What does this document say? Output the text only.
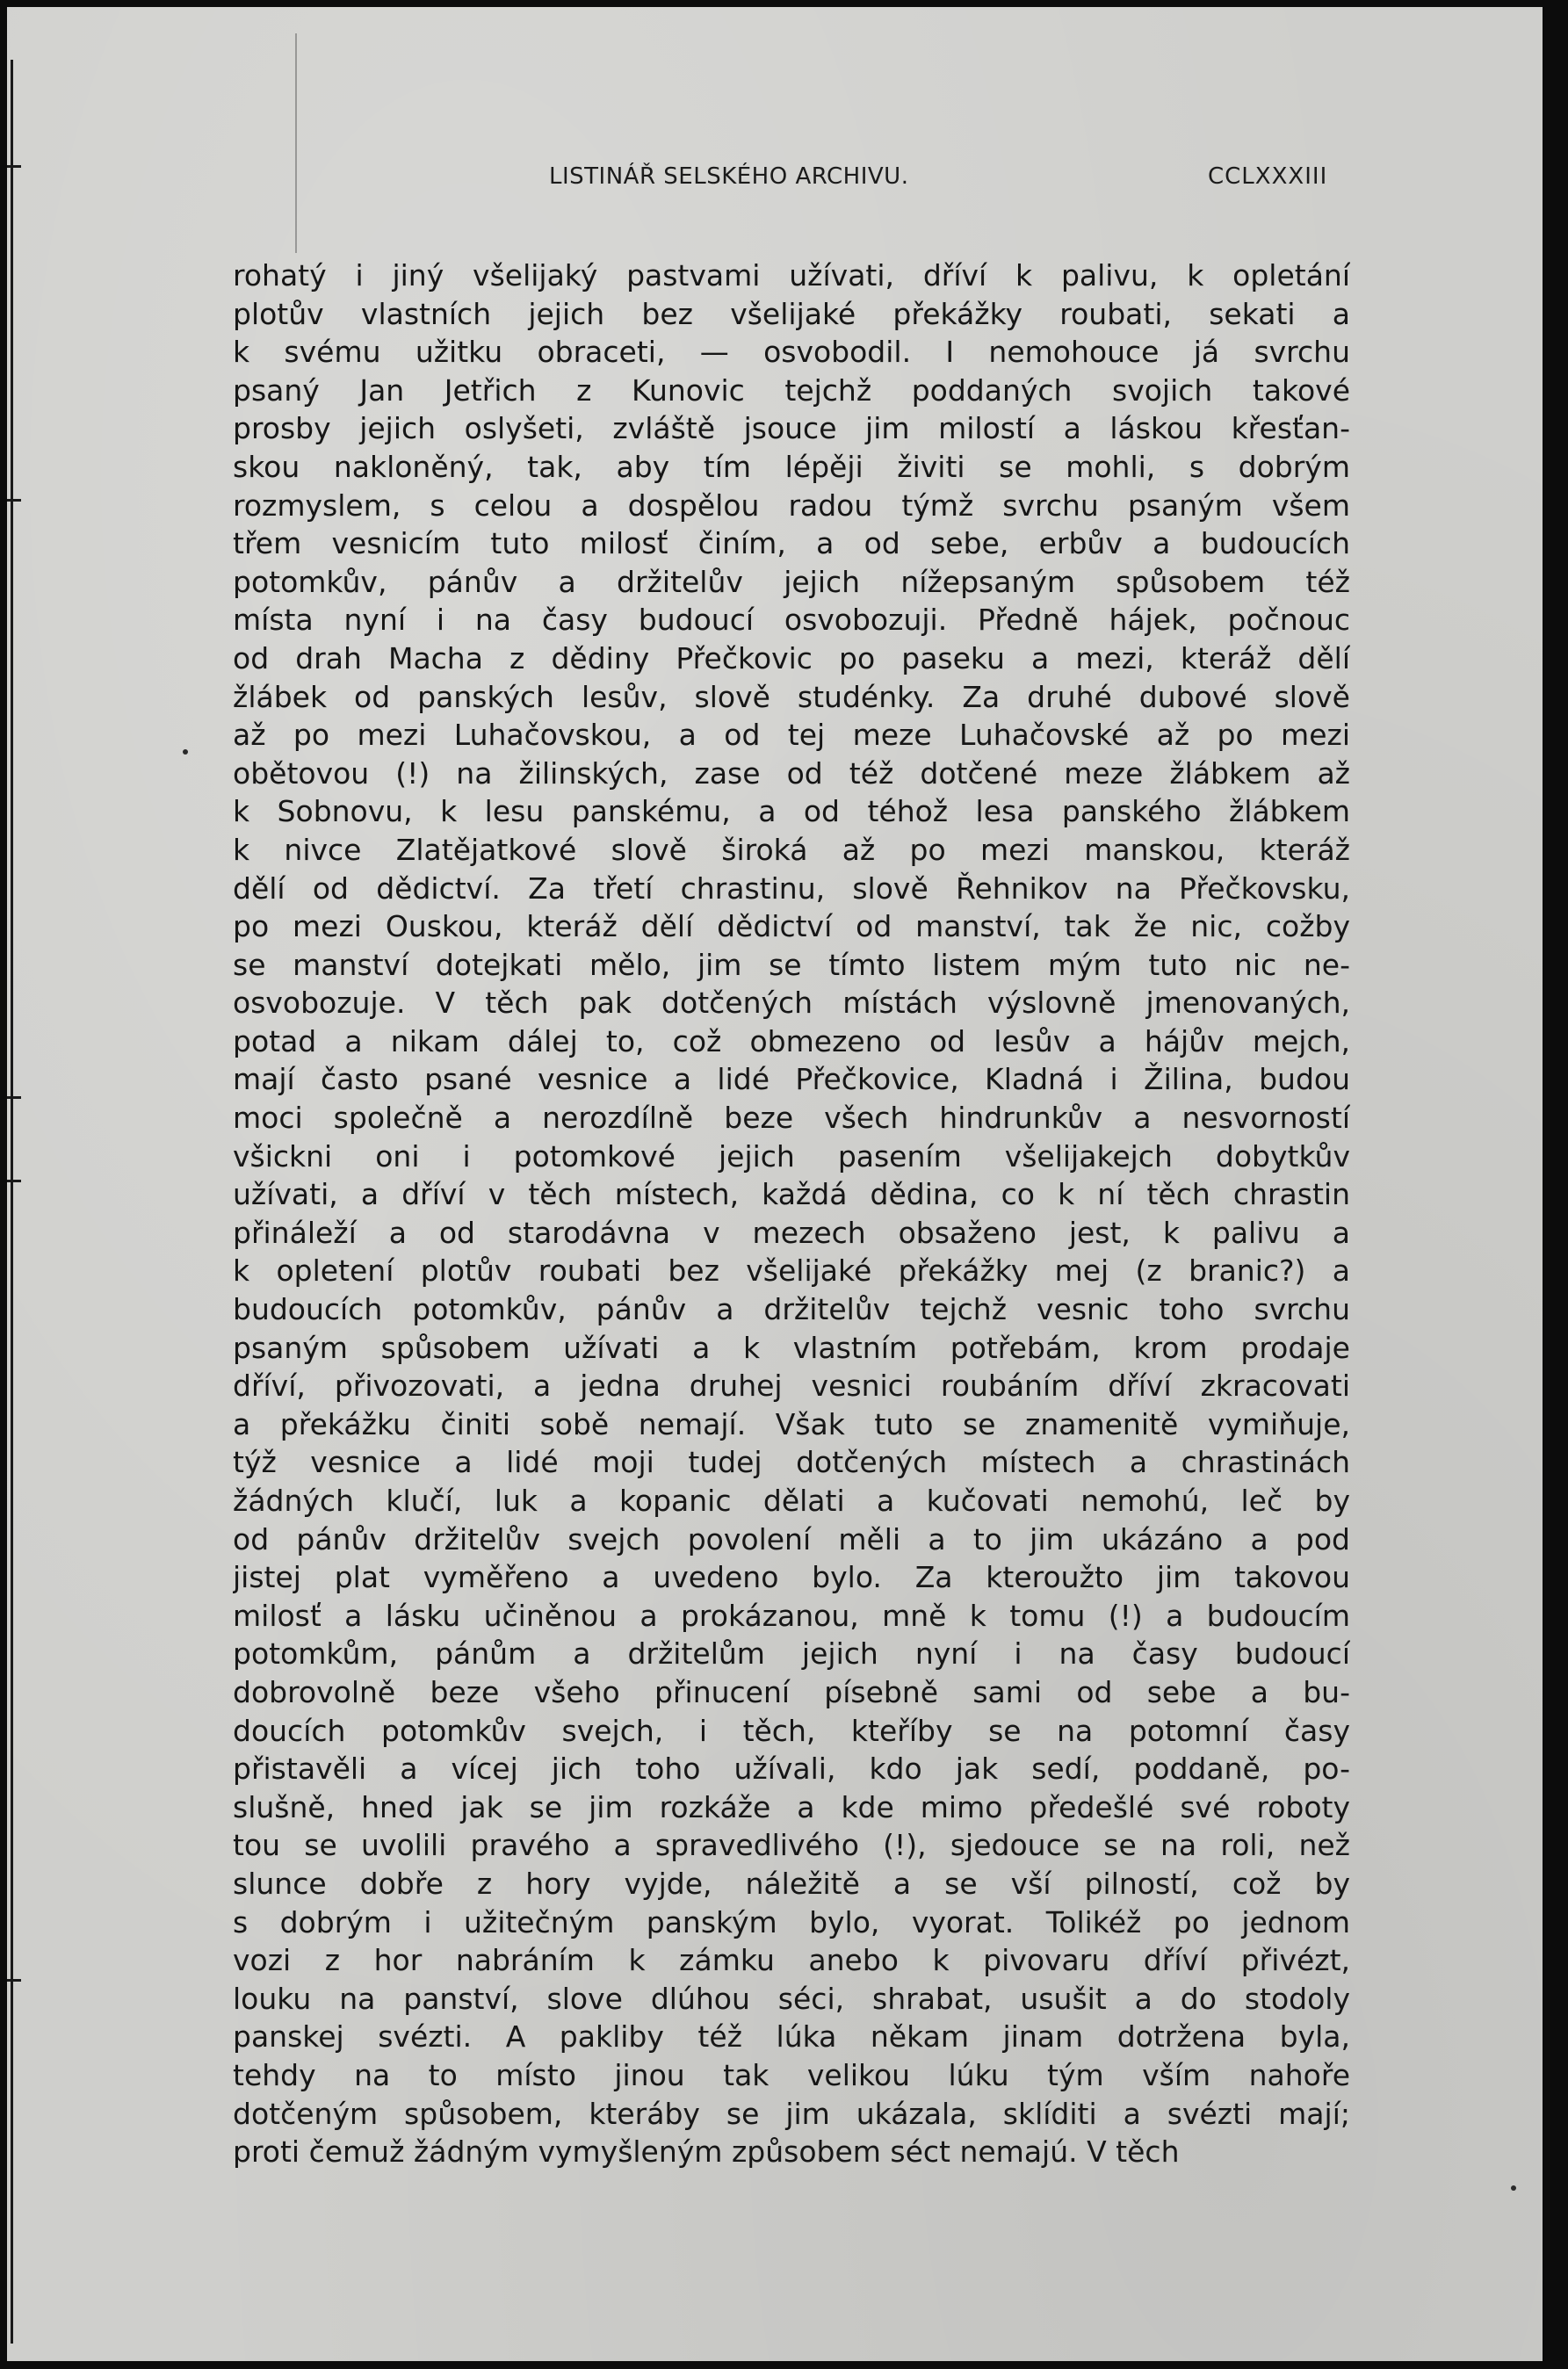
LISTINÁŘ SELSKÉHO ARCHIVU.	CCLXXXIII
rohatý i jiný všelijaký pastvami užívati, dříví k palivu, k opletání
plotův vlastních jejich bez všelijaké překážky roubati, sekati a
k svému užitku obraceti, — osvobodil. I nemohouce já svrchu
psaný Jan Jetřich z Kunovic tejchž poddaných svojich takové
prosby jejich oslyšeti, zvláště jsouce jim milostí a láskou křesťan-
skou nakloněný, tak, aby tím lépěji živiti se mohli, s dobrým
rozmyslem, s celou a dospělou radou týmž svrchu psaným všem
třem vesnicím tuto milosť činím, a od sebe, erbův a budoucích
potomkův, pánův a držitelův jejich nížepsaným spůsobem též
místa nyní i na časy budoucí osvobozuji. Předně hájek, počnouc
od drah Macha z dědiny Přečkovic po paseku a mezi, kteráž dělí
žlábek od panských lesův, slově studénky. Za druhé dubové slově
až po mezi Luhačovskou, a od tej meze Luhačovské až po mezi
obětovou (!) na žilinských, zase od též dotčené meze žlábkem až
k Sobnovu, k lesu panskému, a od téhož lesa panského žlábkem
k nivce Zlatějatkové slově široká až po mezi manskou, kteráž
dělí od dědictví. Za třetí chrastinu, slově Řehnikov na Přečkovsku,
po mezi Ouskou, kteráž dělí dědictví od manství, tak že nic, cožby
se manství dotejkati mělo, jim se tímto listem mým tuto nic ne-
osvobozuje. V těch pak dotčených místách výslovně jmenovaných,
potad a nikam dálej to, což obmezeno od lesův a hájův mejch,
mají často psané vesnice a lidé Přečkovice, Kladná i Žilina, budou
moci společně a nerozdílně beze všech hindrunkův a nesvorností
všickni oni i potomkové jejich pasením všelijakejch dobytkův
užívati, a dříví v těch místech, každá dědina, co k ní těch chrastin
přináleží a od starodávna v mezech obsaženo jest, k palivu a
k opletení plotův roubati bez všelijaké překážky mej (z branic?) a
budoucích potomkův, pánův a držitelův tejchž vesnic toho svrchu
psaným spůsobem užívati a k vlastním potřebám, krom prodaje
dříví, přivozovati, a jedna druhej vesnici roubáním dříví zkracovati
a překážku činiti sobě nemají. Však tuto se znamenitě vymiňuje,
týž vesnice a lidé moji tudej dotčených místech a chrastinách
žádných klučí, luk a kopanic dělati a kučovati nemohú, leč by
od pánův držitelův svejch povolení měli a to jim ukázáno a pod
jistej plat vyměřeno a uvedeno bylo. Za kteroužto jim takovou
milosť a lásku učiněnou a prokázanou, mně k tomu (!) a budoucím
potomkům, pánům a držitelům jejich nyní i na časy budoucí
dobrovolně beze všeho přinucení písebně sami od sebe a bu-
doucích potomkův svejch, i těch, kteříby se na potomní časy
přistavěli a vícej jich toho užívali, kdo jak sedí, poddaně, po-
slušně, hned jak se jim rozkáže a kde mimo předešlé své roboty
tou se uvolili pravého a spravedlivého (!), sjedouce se na roli, než
slunce dobře z hory vyjde, náležitě a se vší pilností, což by
s dobrým i užitečným panským bylo, vyorat. Tolikéž po jednom
vozi z hor nabráním k zámku anebo k pivovaru dříví přivézt,
louku na panství, slove dlúhou séci, shrabat, usušit a do stodoly
panskej svézti. A pakliby též lúka někam jinam dotržena byla,
tehdy na to místo jinou tak velikou lúku tým vším nahoře
dotčeným spůsobem, kteráby se jim ukázala, sklíditi a svézti mají;
proti čemuž žádným vymyšleným způsobem séct nemajú. V těch
